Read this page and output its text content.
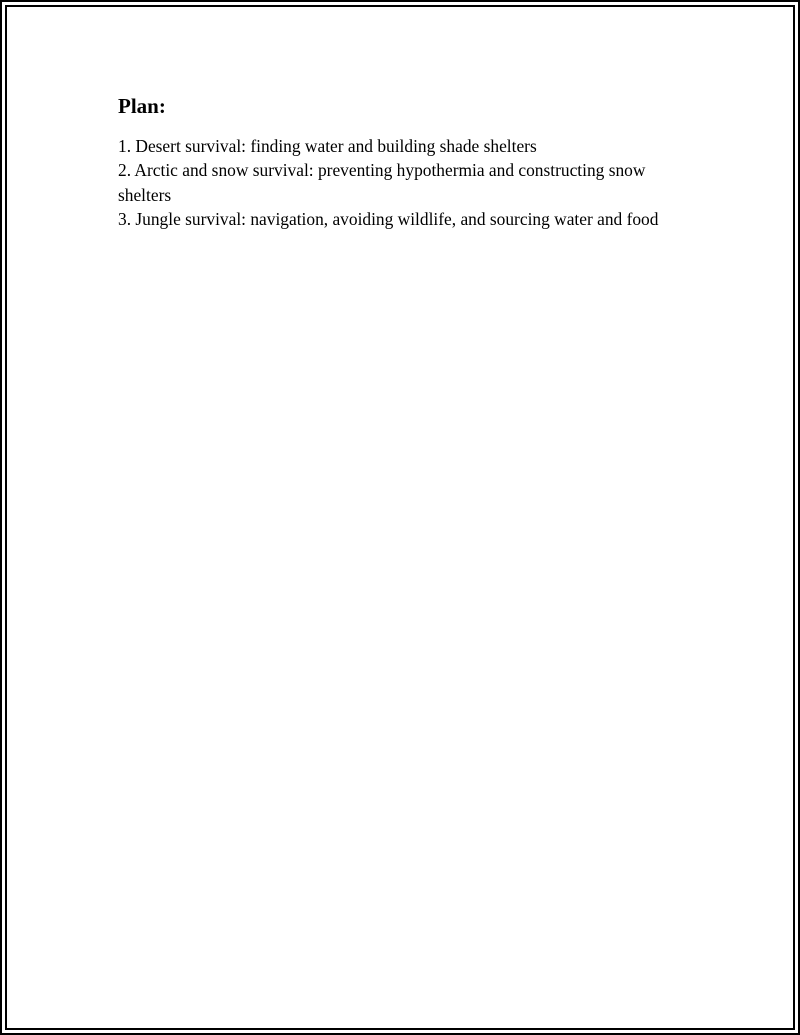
Plan:
1. Desert survival: finding water and building shade shelters
2. Arctic and snow survival: preventing hypothermia and constructing snow shelters
3. Jungle survival: navigation, avoiding wildlife, and sourcing water and food
